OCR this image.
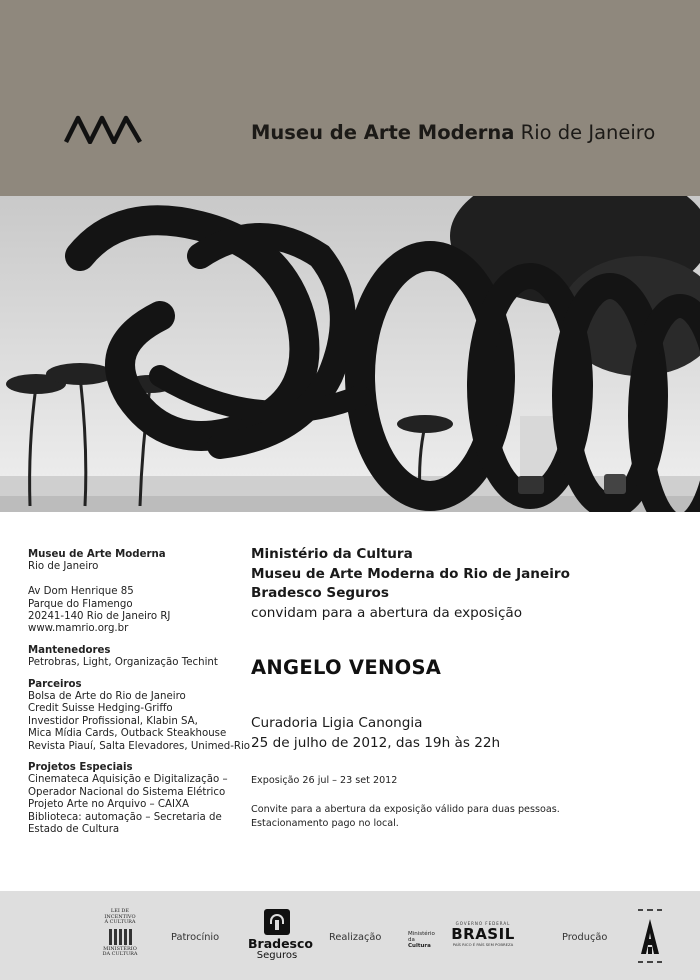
Museu de Arte Moderna Rio de Janeiro
Museu de Arte Moderna
Rio de Janeiro
Av Dom Henrique 85
Parque do Flamengo
20241-140 Rio de Janeiro RJ
www.mamrio.org.br
Mantenedores
Petrobras, Light, Organização Techint
Parceiros
Bolsa de Arte do Rio de Janeiro
Credit Suisse Hedging-Griffo
Investidor Profissional, Klabin SA,
Mica Mídia Cards, Outback Steakhouse
Revista Piauí, Salta Elevadores, Unimed-Rio
Projetos Especiais
Cinemateca Aquisição e Digitalização –
Operador Nacional do Sistema Elétrico
Projeto Arte no Arquivo – CAIXA
Biblioteca: automação – Secretaria de
Estado de Cultura
Ministério da Cultura
Museu de Arte Moderna do Rio de Janeiro
Bradesco Seguros
convidam para a abertura da exposição
ANGELO VENOSA
Curadoria Ligia Canongia
25 de julho de 2012, das 19h às 22h
Exposição 26 jul – 23 set 2012
Convite para a abertura da exposição válido para duas pessoas.
Estacionamento pago no local.
LEI DE
INCENTIVO
À CULTURA
MINISTÉRIO
DA CULTURA
Patrocínio Bradesco
Seguros
Realização	Ministério da
Cultura
GOVERNO FEDERAL
BRASIL
PAÍS RICO É PAÍS SEM POBREZA
Produção
